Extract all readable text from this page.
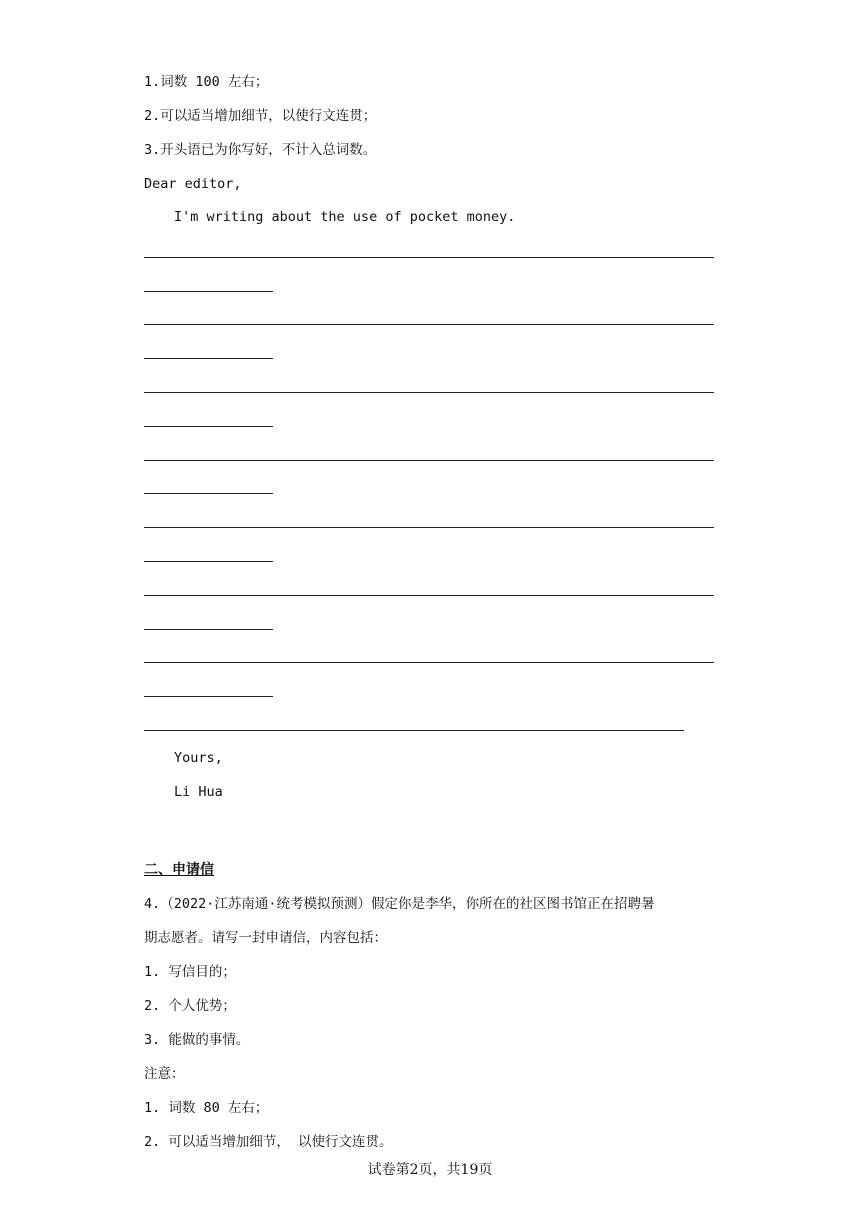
1.词数 100 左右；
2.可以适当增加细节，以使行文连贯；
3.开头语已为你写好，不计入总词数。
Dear editor,
I'm writing about the use of pocket money.
Yours,
Li Hua
二、申请信
4.（2022·江苏南通·统考模拟预测）假定你是李华，你所在的社区图书馆正在招聘暑
期志愿者。请写一封申请信，内容包括：
1. 写信目的；
2. 个人优势；
3. 能做的事情。
注意：
1. 词数 80 左右；
2. 可以适当增加细节， 以使行文连贯。
试卷第2页，共19页
